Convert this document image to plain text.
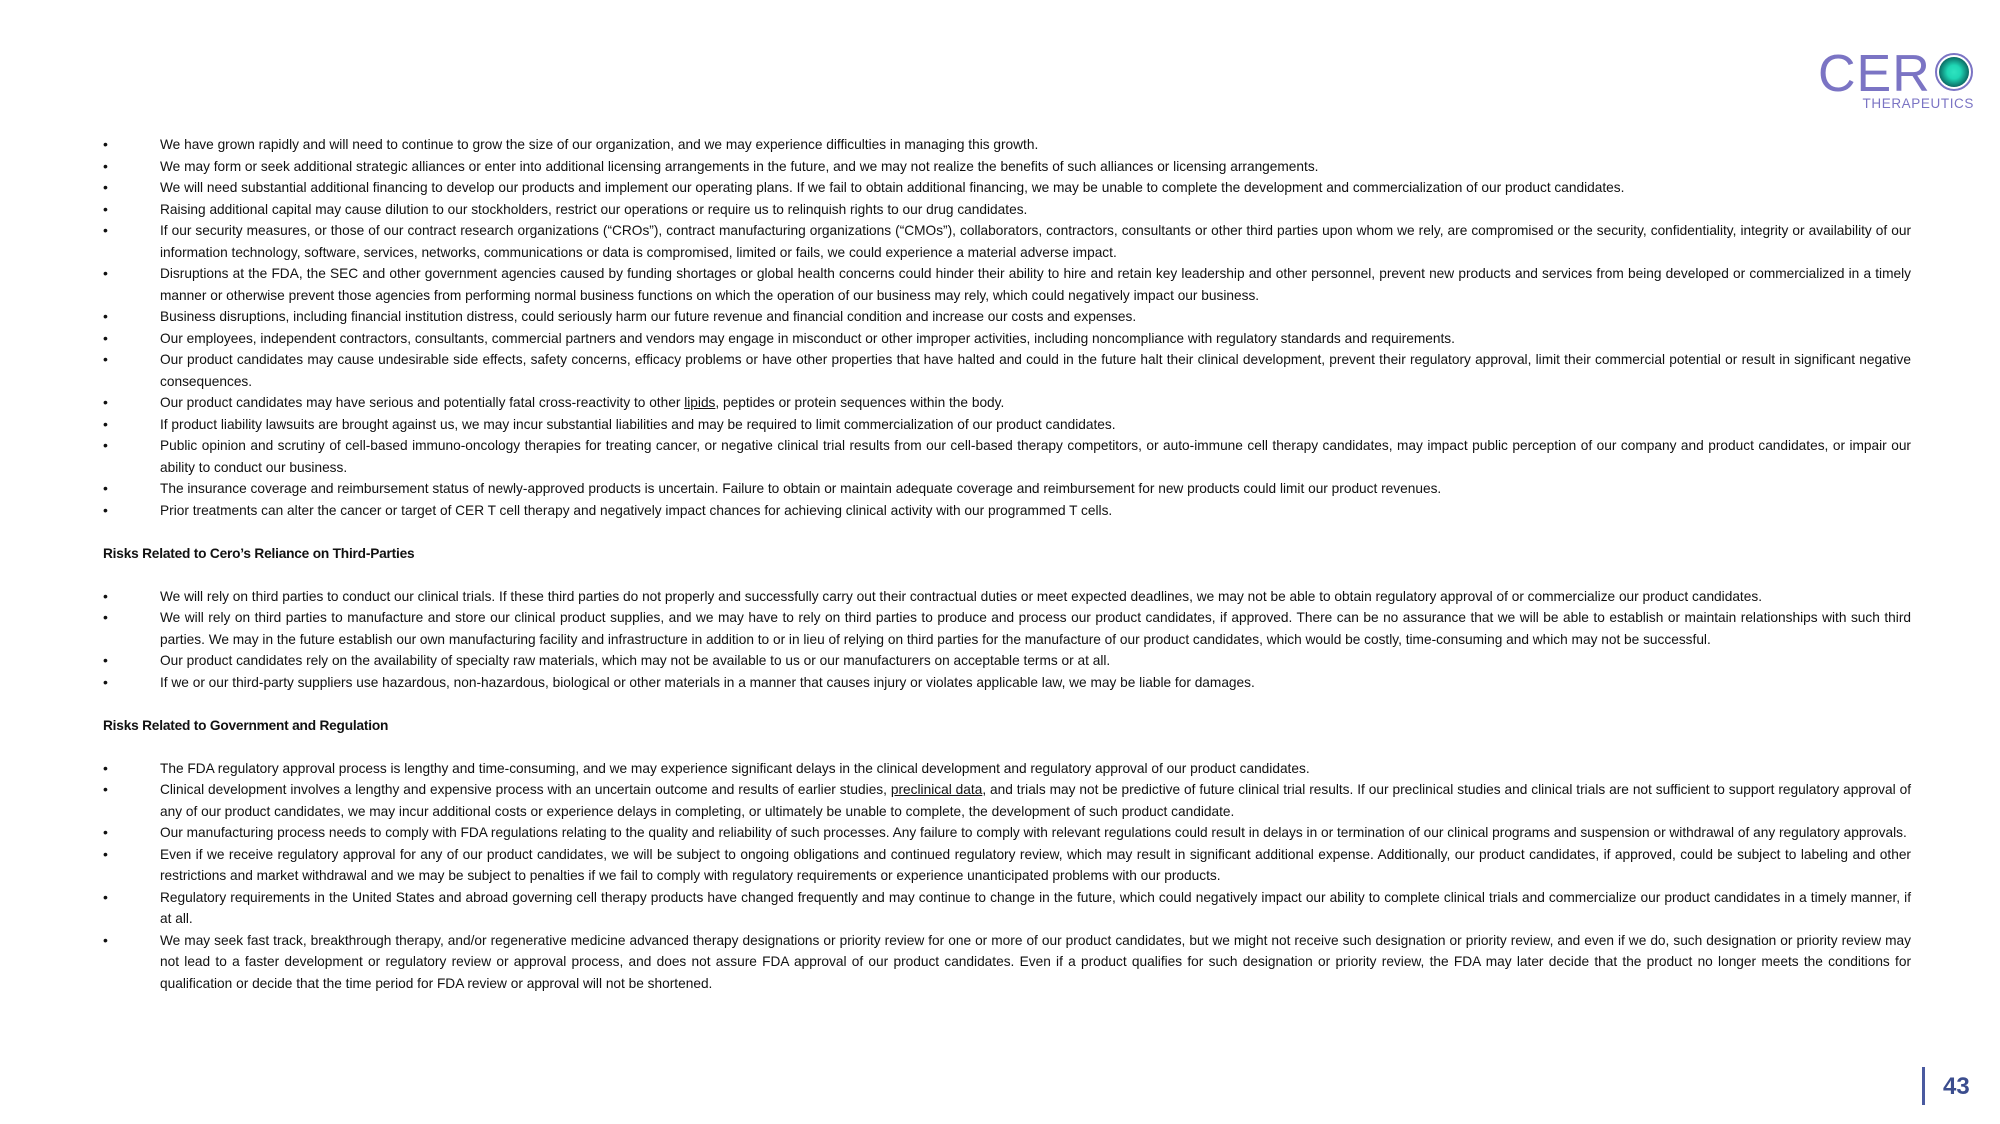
CER
THERAPEUTICS
• We have grown rapidly and will need to continue to grow the size of our organization, and we may experience difficulties in managing this growth.
• We may form or seek additional strategic alliances or enter into additional licensing arrangements in the future, and we may not realize the benefits of such alliances or licensing arrangements.
• We will need substantial additional financing to develop our products and implement our operating plans. If we fail to obtain additional financing, we may be unable to complete the development and commercialization of our product candidates.
• Raising additional capital may cause dilution to our stockholders, restrict our operations or require us to relinquish rights to our drug candidates.
• If our security measures, or those of our contract research organizations (“CROs”), contract manufacturing organizations (“CMOs”), collaborators, contractors, consultants or other third parties upon whom we rely, are compromised or the security, confidentiality, integrity or availability of our information technology, software, services, networks, communications or data is compromised, limited or fails, we could experience a material adverse impact.
• Disruptions at the FDA, the SEC and other government agencies caused by funding shortages or global health concerns could hinder their ability to hire and retain key leadership and other personnel, prevent new products and services from being developed or commercialized in a timely manner or otherwise prevent those agencies from performing normal business functions on which the operation of our business may rely, which could negatively impact our business.
• Business disruptions, including financial institution distress, could seriously harm our future revenue and financial condition and increase our costs and expenses.
• Our employees, independent contractors, consultants, commercial partners and vendors may engage in misconduct or other improper activities, including noncompliance with regulatory standards and requirements.
• Our product candidates may cause undesirable side effects, safety concerns, efficacy problems or have other properties that have halted and could in the future halt their clinical development, prevent their regulatory approval, limit their commercial potential or result in significant negative consequences.
• Our product candidates may have serious and potentially fatal cross-reactivity to other lipids, peptides or protein sequences within the body.
• If product liability lawsuits are brought against us, we may incur substantial liabilities and may be required to limit commercialization of our product candidates.
• Public opinion and scrutiny of cell-based immuno-oncology therapies for treating cancer, or negative clinical trial results from our cell-based therapy competitors, or auto-immune cell therapy candidates, may impact public perception of our company and product candidates, or impair our ability to conduct our business.
• The insurance coverage and reimbursement status of newly-approved products is uncertain. Failure to obtain or maintain adequate coverage and reimbursement for new products could limit our product revenues.
• Prior treatments can alter the cancer or target of CER T cell therapy and negatively impact chances for achieving clinical activity with our programmed T cells.
Risks Related to Cero’s Reliance on Third-Parties
• We will rely on third parties to conduct our clinical trials. If these third parties do not properly and successfully carry out their contractual duties or meet expected deadlines, we may not be able to obtain regulatory approval of or commercialize our product candidates.
• We will rely on third parties to manufacture and store our clinical product supplies, and we may have to rely on third parties to produce and process our product candidates, if approved. There can be no assurance that we will be able to establish or maintain relationships with such third parties. We may in the future establish our own manufacturing facility and infrastructure in addition to or in lieu of relying on third parties for the manufacture of our product candidates, which would be costly, time-consuming and which may not be successful.
• Our product candidates rely on the availability of specialty raw materials, which may not be available to us or our manufacturers on acceptable terms or at all.
• If we or our third-party suppliers use hazardous, non-hazardous, biological or other materials in a manner that causes injury or violates applicable law, we may be liable for damages.
Risks Related to Government and Regulation
• The FDA regulatory approval process is lengthy and time-consuming, and we may experience significant delays in the clinical development and regulatory approval of our product candidates.
• Clinical development involves a lengthy and expensive process with an uncertain outcome and results of earlier studies, preclinical data, and trials may not be predictive of future clinical trial results. If our preclinical studies and clinical trials are not sufficient to support regulatory approval of any of our product candidates, we may incur additional costs or experience delays in completing, or ultimately be unable to complete, the development of such product candidate.
• Our manufacturing process needs to comply with FDA regulations relating to the quality and reliability of such processes. Any failure to comply with relevant regulations could result in delays in or termination of our clinical programs and suspension or withdrawal of any regulatory approvals.
• Even if we receive regulatory approval for any of our product candidates, we will be subject to ongoing obligations and continued regulatory review, which may result in significant additional expense. Additionally, our product candidates, if approved, could be subject to labeling and other restrictions and market withdrawal and we may be subject to penalties if we fail to comply with regulatory requirements or experience unanticipated problems with our products.
• Regulatory requirements in the United States and abroad governing cell therapy products have changed frequently and may continue to change in the future, which could negatively impact our ability to complete clinical trials and commercialize our product candidates in a timely manner, if at all.
• We may seek fast track, breakthrough therapy, and/or regenerative medicine advanced therapy designations or priority review for one or more of our product candidates, but we might not receive such designation or priority review, and even if we do, such designation or priority review may not lead to a faster development or regulatory review or approval process, and does not assure FDA approval of our product candidates. Even if a product qualifies for such designation or priority review, the FDA may later decide that the product no longer meets the conditions for qualification or decide that the time period for FDA review or approval will not be shortened.
43
